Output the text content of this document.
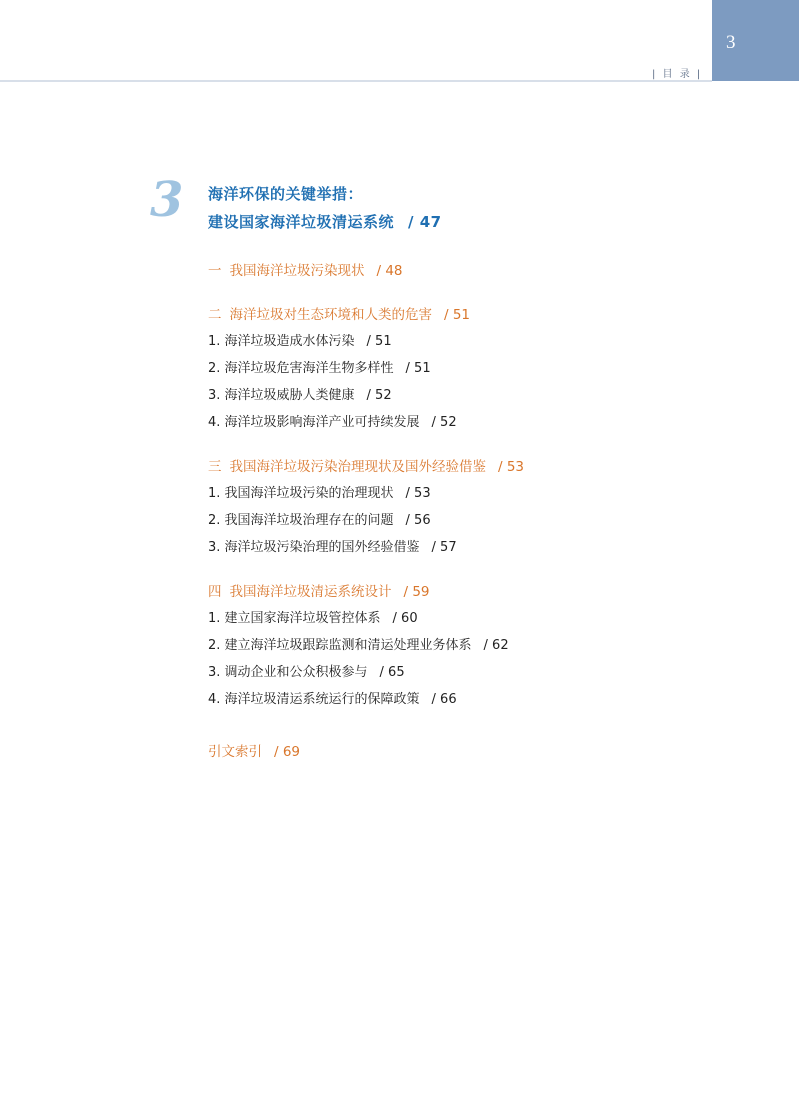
3
| 目 录 |
3	海洋环保的关键举措：
建设国家海洋垃圾清运系统 / 47
一 我国海洋垃圾污染现状 / 48
二 海洋垃圾对生态环境和人类的危害 / 51
1. 海洋垃圾造成水体污染 / 51
2. 海洋垃圾危害海洋生物多样性 / 51
3. 海洋垃圾威胁人类健康 / 52
4. 海洋垃圾影响海洋产业可持续发展 / 52
三 我国海洋垃圾污染治理现状及国外经验借鉴 / 53
1. 我国海洋垃圾污染的治理现状 / 53
2. 我国海洋垃圾治理存在的问题 / 56
3. 海洋垃圾污染治理的国外经验借鉴 / 57
四 我国海洋垃圾清运系统设计 / 59
1. 建立国家海洋垃圾管控体系 / 60
2. 建立海洋垃圾跟踪监测和清运处理业务体系 / 62
3. 调动企业和公众积极参与 / 65
4. 海洋垃圾清运系统运行的保障政策 / 66
引文索引 / 69
